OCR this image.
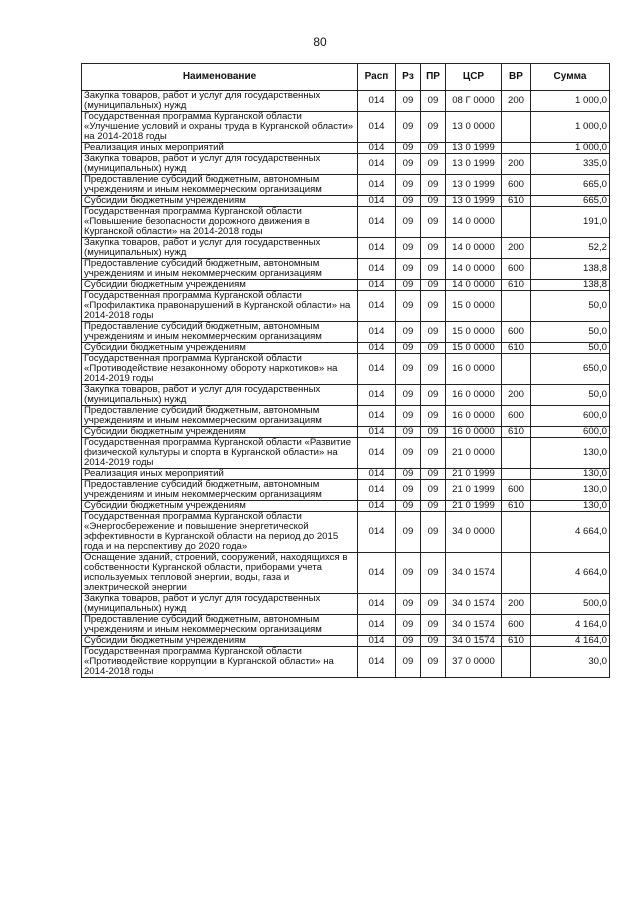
80
Наименование	Расп	Рз	ПР	ЦСР	ВР	Сумма
Закупка товаров, работ и услуг для государственных (муниципальных) нужд	014	09	09	08 Г 0000	200	1 000,0
Государственная программа Курганской области «Улучшение условий и охраны труда в Курганской области» на 2014-2018 годы	014	09	09	13 0 0000		1 000,0
Реализация иных мероприятий	014	09	09	13 0 1999		1 000,0
Закупка товаров, работ и услуг для государственных (муниципальных) нужд	014	09	09	13 0 1999	200	335,0
Предоставление субсидий бюджетным, автономным учреждениям и иным некоммерческим организациям	014	09	09	13 0 1999	600	665,0
Субсидии бюджетным учреждениям	014	09	09	13 0 1999	610	665,0
Государственная программа Курганской области «Повышение безопасности дорожного движения в Курганской области» на 2014-2018 годы	014	09	09	14 0 0000		191,0
Закупка товаров, работ и услуг для государственных (муниципальных) нужд	014	09	09	14 0 0000	200	52,2
Предоставление субсидий бюджетным, автономным учреждениям и иным некоммерческим организациям	014	09	09	14 0 0000	600	138,8
Субсидии бюджетным учреждениям	014	09	09	14 0 0000	610	138,8
Государственная программа Курганской области «Профилактика правонарушений в Курганской области» на 2014-2018 годы	014	09	09	15 0 0000		50,0
Предоставление субсидий бюджетным, автономным учреждениям и иным некоммерческим организациям	014	09	09	15 0 0000	600	50,0
Субсидии бюджетным учреждениям	014	09	09	15 0 0000	610	50,0
Государственная программа Курганской области «Противодействие незаконному обороту наркотиков» на 2014-2019 годы	014	09	09	16 0 0000		650,0
Закупка товаров, работ и услуг для государственных (муниципальных) нужд	014	09	09	16 0 0000	200	50,0
Предоставление субсидий бюджетным, автономным учреждениям и иным некоммерческим организациям	014	09	09	16 0 0000	600	600,0
Субсидии бюджетным учреждениям	014	09	09	16 0 0000	610	600,0
Государственная программа Курганской области «Развитие физической культуры и спорта в Курганской области» на 2014-2019 годы	014	09	09	21 0 0000		130,0
Реализация иных мероприятий	014	09	09	21 0 1999		130,0
Предоставление субсидий бюджетным, автономным учреждениям и иным некоммерческим организациям	014	09	09	21 0 1999	600	130,0
Субсидии бюджетным учреждениям	014	09	09	21 0 1999	610	130,0
Государственная программа Курганской области «Энергосбережение и повышение энергетической эффективности в Курганской области на период до 2015 года и на перспективу до 2020 года»	014	09	09	34 0 0000		4 664,0
Оснащение зданий, строений, сооружений, находящихся в собственности Курганской области, приборами учета используемых тепловой энергии, воды, газа и электрической энергии	014	09	09	34 0 1574		4 664,0
Закупка товаров, работ и услуг для государственных (муниципальных) нужд	014	09	09	34 0 1574	200	500,0
Предоставление субсидий бюджетным, автономным учреждениям и иным некоммерческим организациям	014	09	09	34 0 1574	600	4 164,0
Субсидии бюджетным учреждениям	014	09	09	34 0 1574	610	4 164,0
Государственная программа Курганской области «Противодействие коррупции в Курганской области» на 2014-2018 годы	014	09	09	37 0 0000		30,0
